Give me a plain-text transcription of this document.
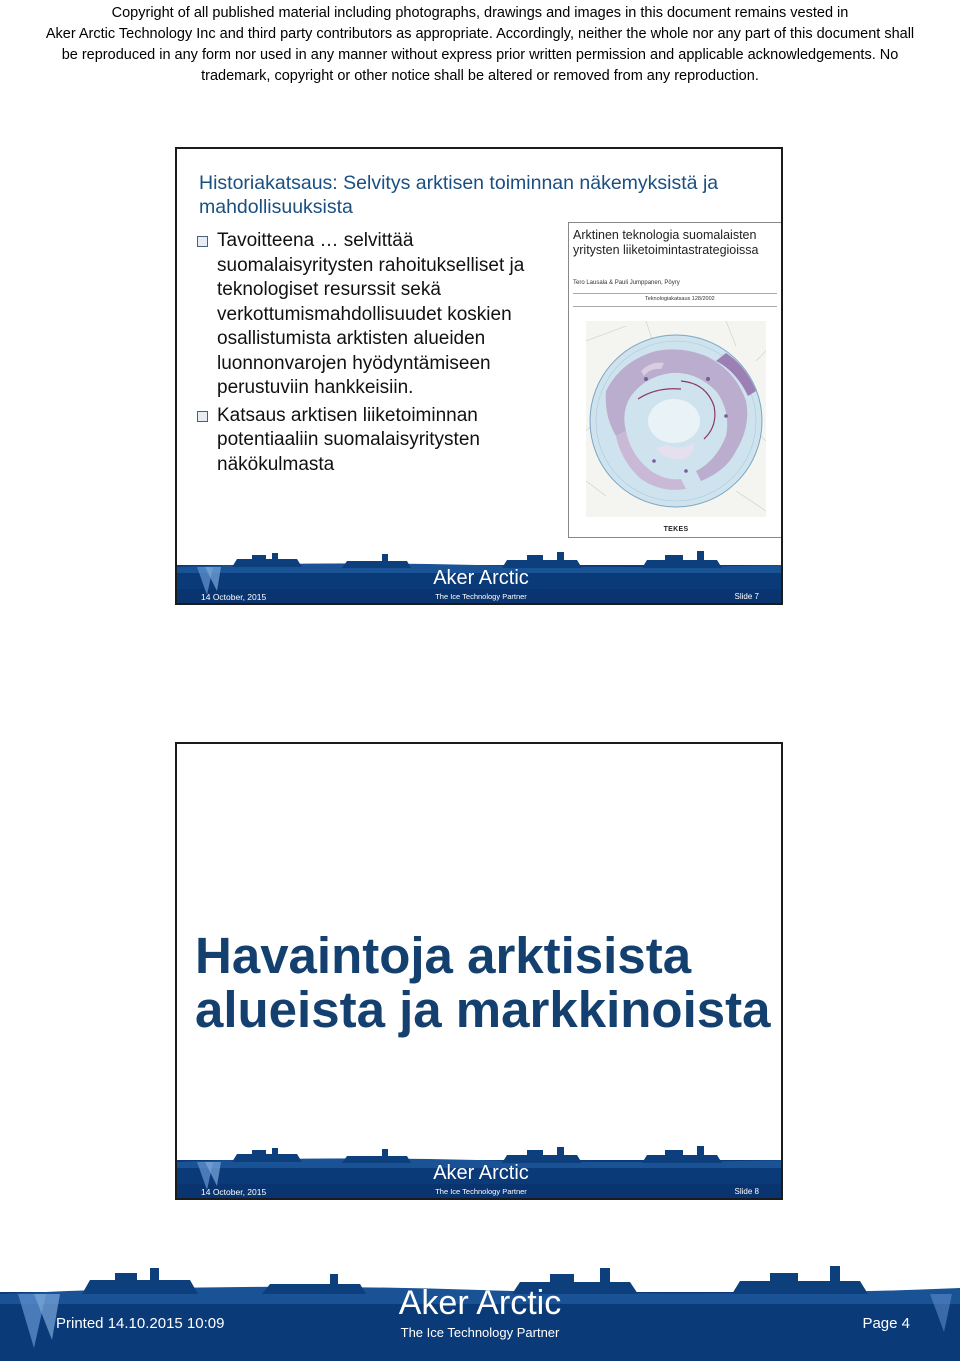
Copyright of all published material including photographs, drawings and images in this document remains vested in
Aker Arctic Technology Inc and third party contributors as appropriate. Accordingly, neither the whole nor any part of this document shall
be reproduced in any form nor used in any manner without express prior written permission and applicable acknowledgements. No
trademark, copyright or other notice shall be altered or removed from any reproduction.
Historiakatsaus: Selvitys arktisen toiminnan näkemyksistä ja mahdollisuuksista
Tavoitteena … selvittää suomalaisyritysten rahoitukselliset ja teknologiset resurssit sekä verkottumismahdollisuudet koskien osallistumista arktisten alueiden luonnonvarojen hyödyntämiseen perustuviin hankkeisiin.
Katsaus arktisen liiketoiminnan potentiaaliin suomalaisyritysten näkökulmasta
Arktinen teknologia suomalaisten yritysten liiketoimintastrategioissa
Tero Lausala & Pauli Jumppanen, Pöyry
Teknologiakatsaus 128/2002
TEKES
Aker Arctic
The Ice Technology Partner
14 October, 2015	Slide 7
Havaintoja arktisista alueista ja markkinoista
Aker Arctic
The Ice Technology Partner
14 October, 2015	Slide 8
Aker Arctic
The Ice Technology Partner
Printed 14.10.2015 10:09	Page 4
